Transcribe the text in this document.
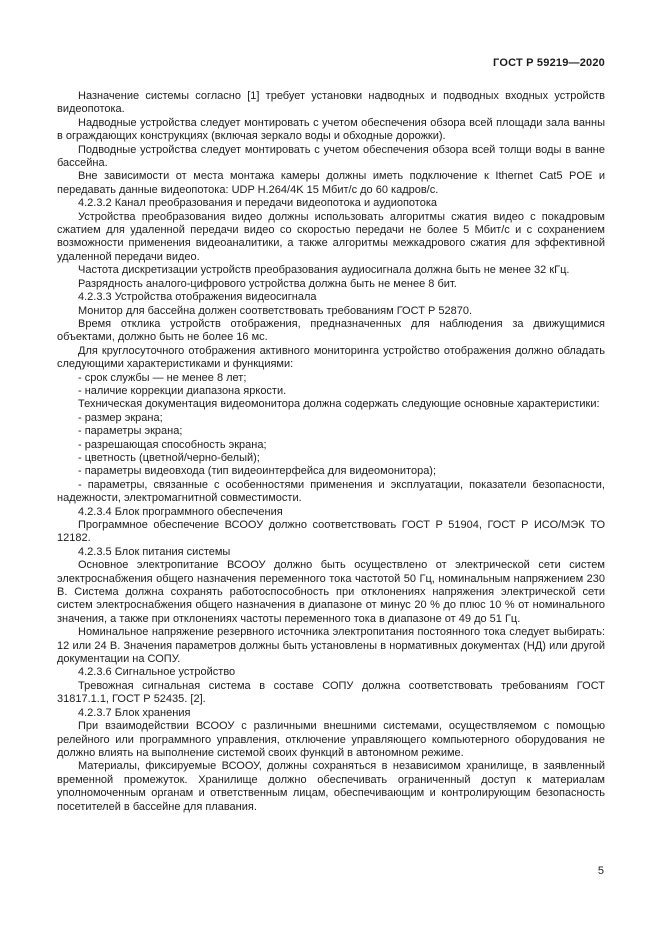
ГОСТ Р 59219—2020

Назначение системы согласно [1] требует установки надводных и подводных входных устройств видеопотока.

Надводные устройства следует монтировать с учетом обеспечения обзора всей площади зала ванны в ограждающих конструкциях (включая зеркало воды и обходные дорожки).

Подводные устройства следует монтировать с учетом обеспечения обзора всей толщи воды в ванне бассейна.

Вне зависимости от места монтажа камеры должны иметь подключение к Ithernet Cat5 POE и передавать данные видеопотока: UDP H.264/4K 15 Мбит/с до 60 кадров/с.

4.2.3.2 Канал преобразования и передачи видеопотока и аудиопотока

Устройства преобразования видео должны использовать алгоритмы сжатия видео с покадровым сжатием для удаленной передачи видео со скоростью передачи не более 5 Мбит/с и с сохранением возможности применения видеоаналитики, а также алгоритмы межкадрового сжатия для эффективной удаленной передачи видео.

Частота дискретизации устройств преобразования аудиосигнала должна быть не менее 32 кГц.

Разрядность аналого-цифрового устройства должна быть не менее 8 бит.

4.2.3.3 Устройства отображения видеосигнала

Монитор для бассейна должен соответствовать требованиям ГОСТ Р 52870.

Время отклика устройств отображения, предназначенных для наблюдения за движущимися объектами, должно быть не более 16 мс.

Для круглосуточного отображения активного мониторинга устройство отображения должно обладать следующими характеристиками и функциями:

- срок службы — не менее 8 лет;

- наличие коррекции диапазона яркости.

Техническая документация видеомонитора должна содержать следующие основные характеристики:

- размер экрана;

- параметры экрана;

- разрешающая способность экрана;

- цветность (цветной/черно-белый);

- параметры видеовхода (тип видеоинтерфейса для видеомонитора);

- параметры, связанные с особенностями применения и эксплуатации, показатели безопасности, надежности, электромагнитной совместимости.

4.2.3.4 Блок программного обеспечения

Программное обеспечение ВСООУ должно соответствовать ГОСТ Р 51904, ГОСТ Р ИСО/МЭК ТО 12182.

4.2.3.5 Блок питания системы

Основное электропитание ВСООУ должно быть осуществлено от электрической сети систем электроснабжения общего назначения переменного тока частотой 50 Гц, номинальным напряжением 230 В. Система должна сохранять работоспособность при отклонениях напряжения электрической сети систем электроснабжения общего назначения в диапазоне от минус 20 % до плюс 10 % от номинального значения, а также при отклонениях частоты переменного тока в диапазоне от 49 до 51 Гц.

Номинальное напряжение резервного источника электропитания постоянного тока следует выбирать: 12 или 24 В. Значения параметров должны быть установлены в нормативных документах (НД) или другой документации на СОПУ.

4.2.3.6 Сигнальное устройство

Тревожная сигнальная система в составе СОПУ должна соответствовать требованиям ГОСТ 31817.1.1, ГОСТ Р 52435. [2].

4.2.3.7 Блок хранения

При взаимодействии ВСООУ с различными внешними системами, осуществляемом с помощью релейного или программного управления, отключение управляющего компьютерного оборудования не должно влиять на выполнение системой своих функций в автономном режиме.

Материалы, фиксируемые ВСООУ, должны сохраняться в независимом хранилище, в заявленный временной промежуток. Хранилище должно обеспечивать ограниченный доступ к материалам уполномоченным органам и ответственным лицам, обеспечивающим и контролирующим безопасность посетителей в бассейне для плавания.

5
